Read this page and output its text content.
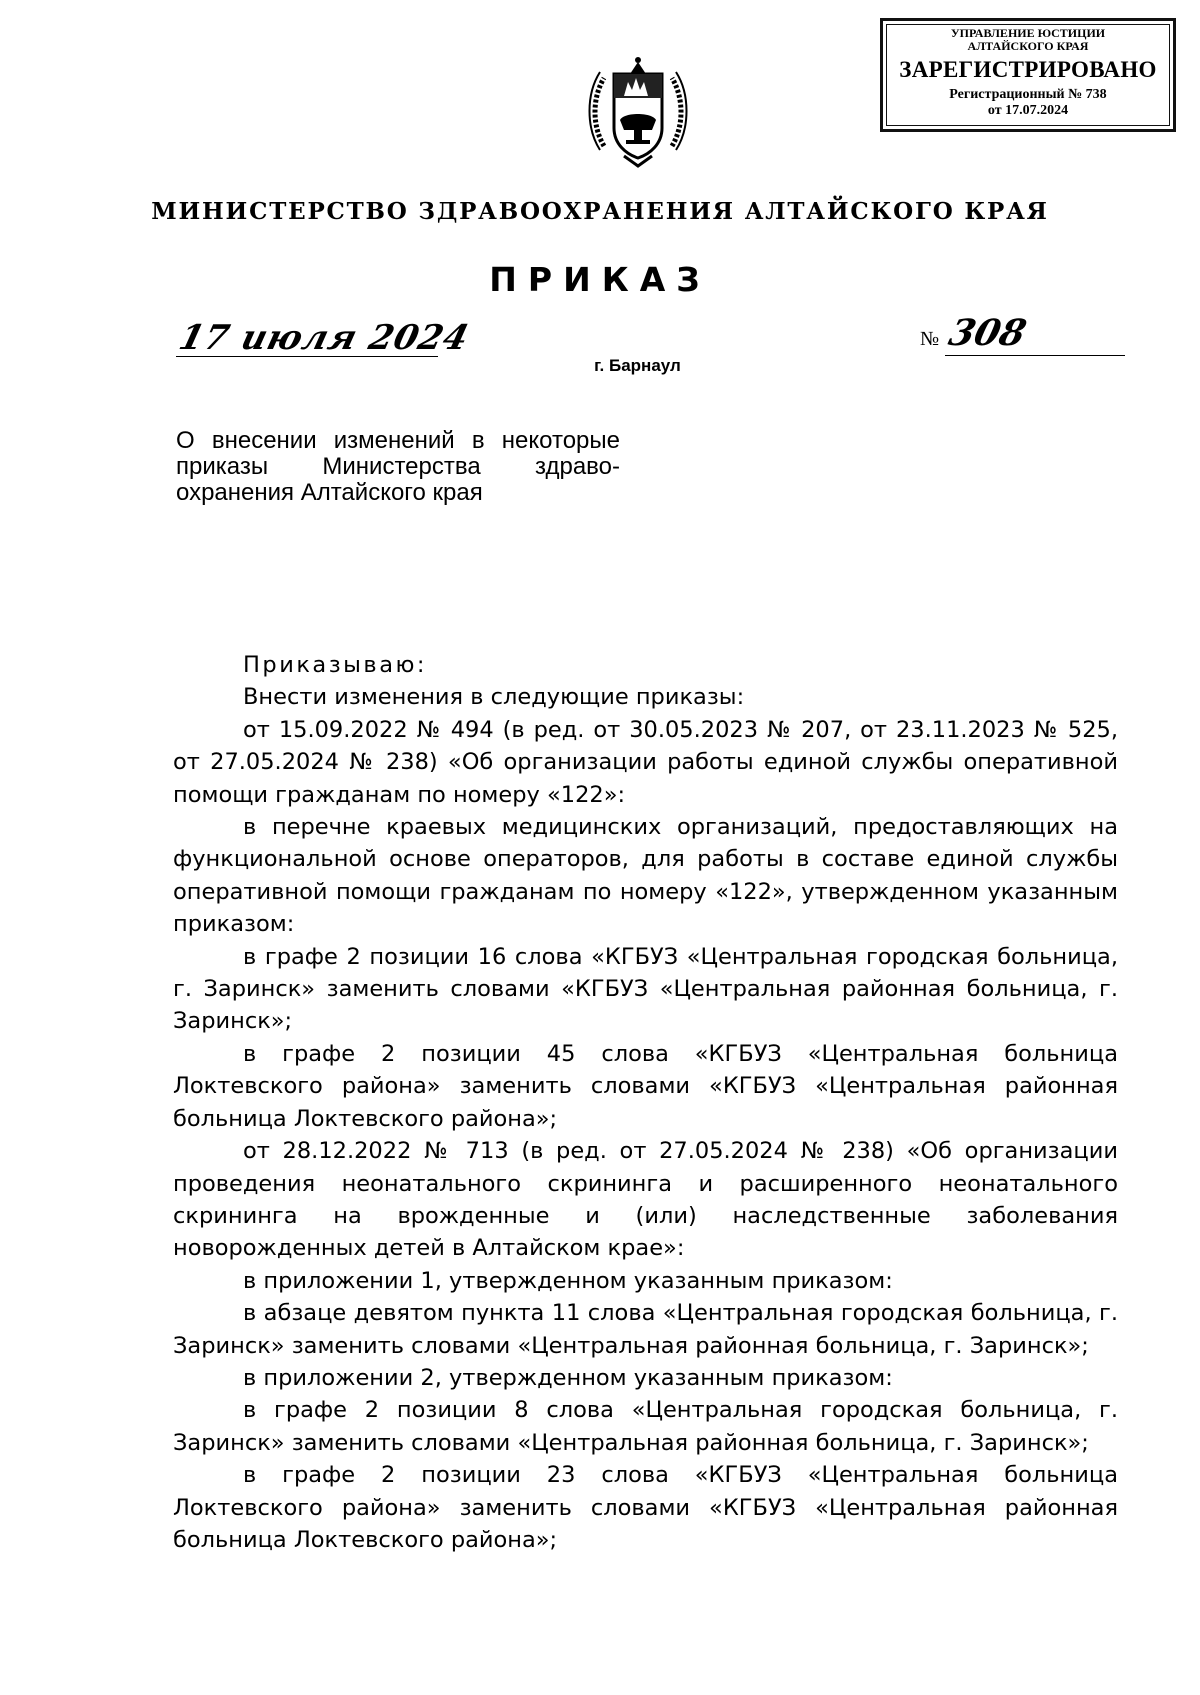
УПРАВЛЕНИЕ ЮСТИЦИИ
АЛТАЙСКОГО КРАЯ
ЗАРЕГИСТРИРОВАНО
Регистрационный № 738
от 17.07.2024
МИНИСТЕРСТВО ЗДРАВООХРАНЕНИЯ АЛТАЙСКОГО КРАЯ
ПРИКАЗ
17 июля 2024	№ 308
г. Барнаул
О внесении изменений в некоторые
приказы Министерства здраво-
охранения Алтайского края

Приказываю:

Внести изменения в следующие приказы:

от 15.09.2022 № 494 (в ред. от 30.05.2023 № 207, от 23.11.2023 № 525, от 27.05.2024 № 238) «Об организации работы единой службы оперативной помощи гражданам по номеру «122»:

в перечне краевых медицинских организаций, предоставляющих на функциональной основе операторов, для работы в составе единой службы оперативной помощи гражданам по номеру «122», утвержденном указанным приказом:

в графе 2 позиции 16 слова «КГБУЗ «Центральная городская больница, г. Заринск» заменить словами «КГБУЗ «Центральная районная больница, г. Заринск»;

в графе 2 позиции 45 слова «КГБУЗ «Центральная больница Локтевского района» заменить словами «КГБУЗ «Центральная районная больница Локтевского района»;

от 28.12.2022 № 713 (в ред. от 27.05.2024 № 238) «Об организации проведения неонатального скрининга и расширенного неонатального скрининга на врожденные и (или) наследственные заболевания новорожденных детей в Алтайском крае»:

в приложении 1, утвержденном указанным приказом:

в абзаце девятом пункта 11 слова «Центральная городская больница, г. Заринск» заменить словами «Центральная районная больница, г. Заринск»;

в приложении 2, утвержденном указанным приказом:

в графе 2 позиции 8 слова «Центральная городская больница, г. Заринск» заменить словами «Центральная районная больница, г. Заринск»;

в графе 2 позиции 23 слова «КГБУЗ «Центральная больница Локтевского района» заменить словами «КГБУЗ «Центральная районная больница Локтевского района»;
